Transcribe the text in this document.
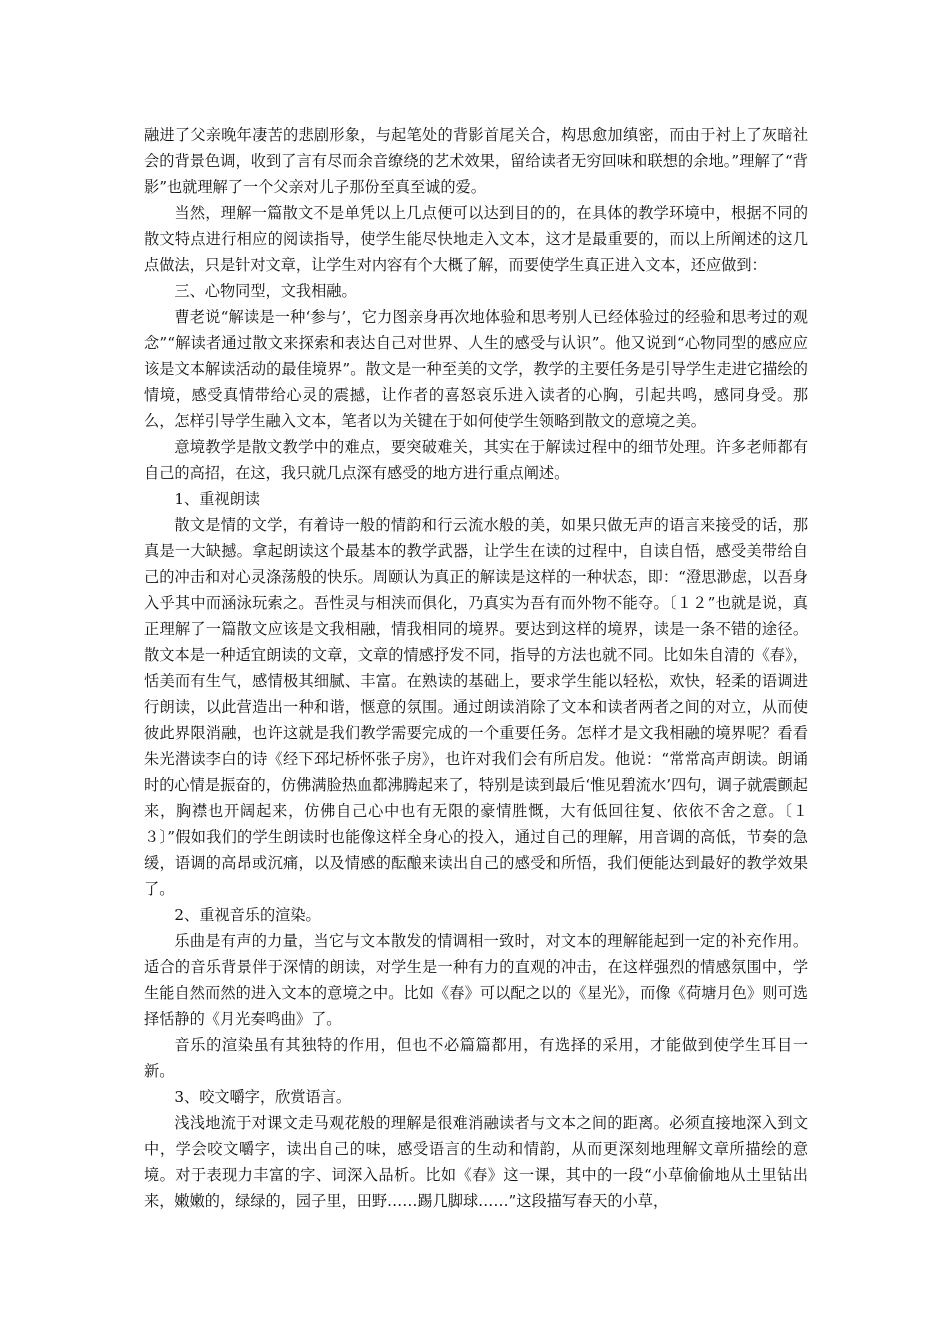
融进了父亲晚年凄苦的悲剧形象，与起笔处的背影首尾关合，构思愈加缜密，而由于衬上了灰暗社会的背景色调，收到了言有尽而余音缭绕的艺术效果，留给读者无穷回味和联想的余地。”理解了“背影”也就理解了一个父亲对儿子那份至真至诚的爱。

当然，理解一篇散文不是单凭以上几点便可以达到目的的，在具体的教学环境中，根据不同的散文特点进行相应的阅读指导，使学生能尽快地走入文本，这才是最重要的，而以上所阐述的这几点做法，只是针对文章，让学生对内容有个大概了解，而要使学生真正进入文本，还应做到：

三、心物同型，文我相融。

曹老说“解读是一种‘参与’，它力图亲身再次地体验和思考别人已经体验过的经验和思考过的观念”“解读者通过散文来探索和表达自己对世界、人生的感受与认识”。他又说到“心物同型的感应应该是文本解读活动的最佳境界”。散文是一种至美的文学，教学的主要任务是引导学生走进它描绘的情境，感受真情带给心灵的震撼，让作者的喜怒哀乐进入读者的心胸，引起共鸣，感同身受。那么，怎样引导学生融入文本，笔者以为关键在于如何使学生领略到散文的意境之美。

意境教学是散文教学中的难点，要突破难关，其实在于解读过程中的细节处理。许多老师都有自己的高招，在这，我只就几点深有感受的地方进行重点阐述。

1、重视朗读

散文是情的文学，有着诗一般的情韵和行云流水般的美，如果只做无声的语言来接受的话，那真是一大缺撼。拿起朗读这个最基本的教学武器，让学生在读的过程中，自读自悟，感受美带给自己的冲击和对心灵涤荡般的快乐。周颐认为真正的解读是这样的一种状态，即：“澄思渺虑，以吾身入乎其中而涵泳玩索之。吾性灵与相浃而俱化，乃真实为吾有而外物不能夺。〔１２”也就是说，真正理解了一篇散文应该是文我相融，情我相同的境界。要达到这样的境界，读是一条不错的途径。散文本是一种适宜朗读的文章，文章的情感抒发不同，指导的方法也就不同。比如朱自清的《春》，恬美而有生气，感情极其细腻、丰富。在熟读的基础上，要求学生能以轻松，欢快，轻柔的语调进行朗读，以此营造出一种和谐，惬意的氛围。通过朗读消除了文本和读者两者之间的对立，从而使彼此界限消融，也许这就是我们教学需要完成的一个重要任务。怎样才是文我相融的境界呢？看看朱光潜读李白的诗《经下邳圮桥怀张子房》，也许对我们会有所启发。他说：“常常高声朗读。朗诵时的心情是振奋的，仿佛满脸热血都沸腾起来了，特别是读到最后‘惟见碧流水’四句，调子就震颤起来，胸襟也开阔起来，仿佛自己心中也有无限的豪情胜慨，大有低回往复、依依不舍之意。〔１３〕”假如我们的学生朗读时也能像这样全身心的投入，通过自己的理解，用音调的高低，节奏的急缓，语调的高昂或沉痛，以及情感的酝酿来读出自己的感受和所悟，我们便能达到最好的教学效果了。

2、重视音乐的渲染。

乐曲是有声的力量，当它与文本散发的情调相一致时，对文本的理解能起到一定的补充作用。适合的音乐背景伴于深情的朗读，对学生是一种有力的直观的冲击，在这样强烈的情感氛围中，学生能自然而然的进入文本的意境之中。比如《春》可以配之以的《星光》，而像《荷塘月色》则可选择恬静的《月光奏鸣曲》了。

音乐的渲染虽有其独特的作用，但也不必篇篇都用，有选择的采用，才能做到使学生耳目一新。

3、咬文嚼字，欣赏语言。

浅浅地流于对课文走马观花般的理解是很难消融读者与文本之间的距离。必须直接地深入到文中，学会咬文嚼字，读出自己的味，感受语言的生动和情韵，从而更深刻地理解文章所描绘的意境。对于表现力丰富的字、词深入品析。比如《春》这一课，其中的一段“小草偷偷地从土里钻出来，嫩嫩的，绿绿的，园子里，田野……踢几脚球……”这段描写春天的小草，
